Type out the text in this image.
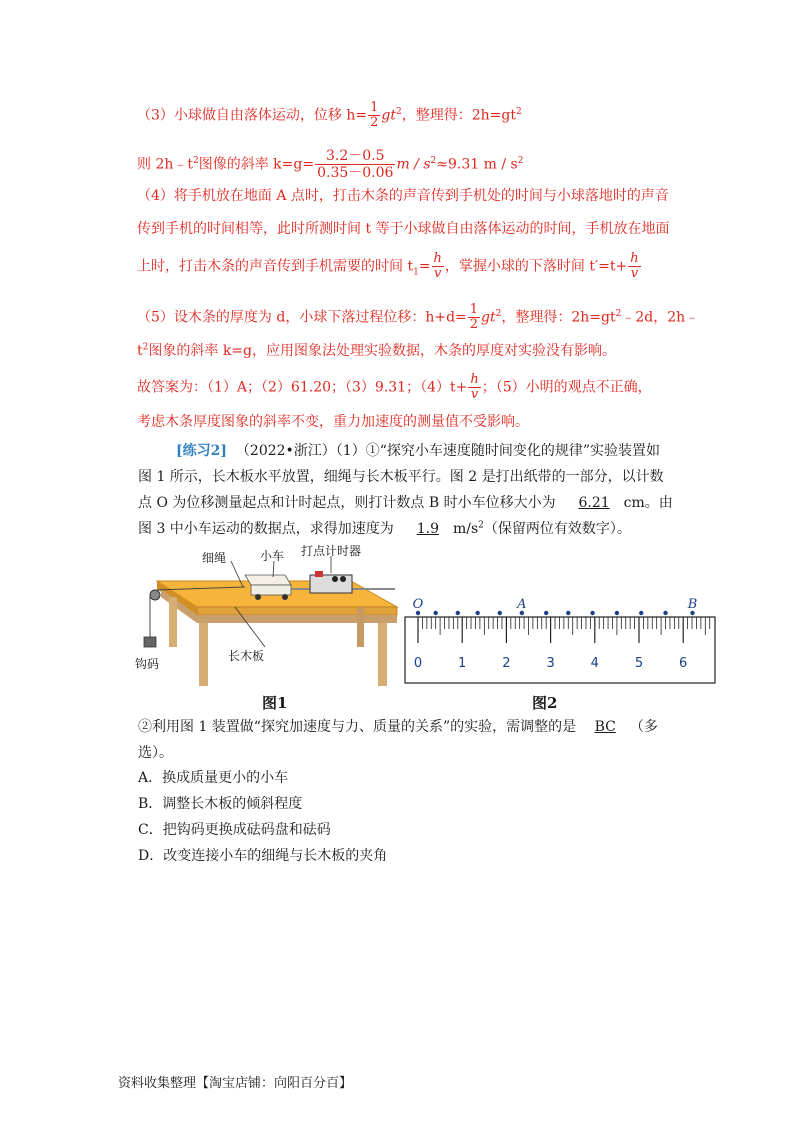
（3）小球做自由落体运动，位移 $h= \frac{1}{2} gt^2$，整理得：$2h=gt^2$
则 $2h﹣t^2$图像的斜率 $k=g= \frac{3.2-0.5}{0.35-0.06}$ $m / s^2\approx 9.31$ m / $s^2$
（4）将手机放在地面 A 点时，打击木条的声音传到手机处的时间与小球落地时的声音
传到手机的时间相等，此时所测时间 t 等于小球做自由落体运动的时间，手机放在地面
上时，打击木条的声音传到手机需要的时间 $t_1= \frac{h}{v}$ ，掌握小球的下落时间 $t'=t+ \frac{h}{v}$
（5）设木条的厚度为 d，小球下落过程位移：$h+d= \frac{1}{2} gt^2$，整理得：$2h=gt^2﹣2d$，2h﹣
$t^2$图象的斜率 k=g，应用图象法处理实验数据，木条的厚度对实验没有影响。
故答案为：（1）A；（2）61.20；（3）9.31；$(4)t+ \frac{h}{v}$ ；（5）小明的观点不正确，
考虑木条厚度图象的斜率不变，重力加速度的测量值不受影响。
[练习2] （2022•浙江）（1）①“探究小车速度随时间变化的规律”实验装置如
图 1 所示，长木板水平放置，细绳与长木板平行。图 2 是打出纸带的一部分，以计数
点 O 为位移测量起点和计时起点，则打计数点 B 时小车位移大小为 6.21 cm。由
图 3 中小车运动的数据点，求得加速度为 1.9 $m/s^2$（保留两位有效数字）。
细绳	小车 打点计时器
钩码
长木板
图1
0	1	2	3	4	5	6
O	A	B
图2
②利用图 1 装置做“探究加速度与力、质量的关系”的实验，需调整的是 BC （多
选）。
A．换成质量更小的小车
B．调整长木板的倾斜程度
C．把钩码更换成砝码盘和砝码
D．改变连接小车的细绳与长木板的夹角
资料收集整理【淘宝店铺：向阳百分百】
